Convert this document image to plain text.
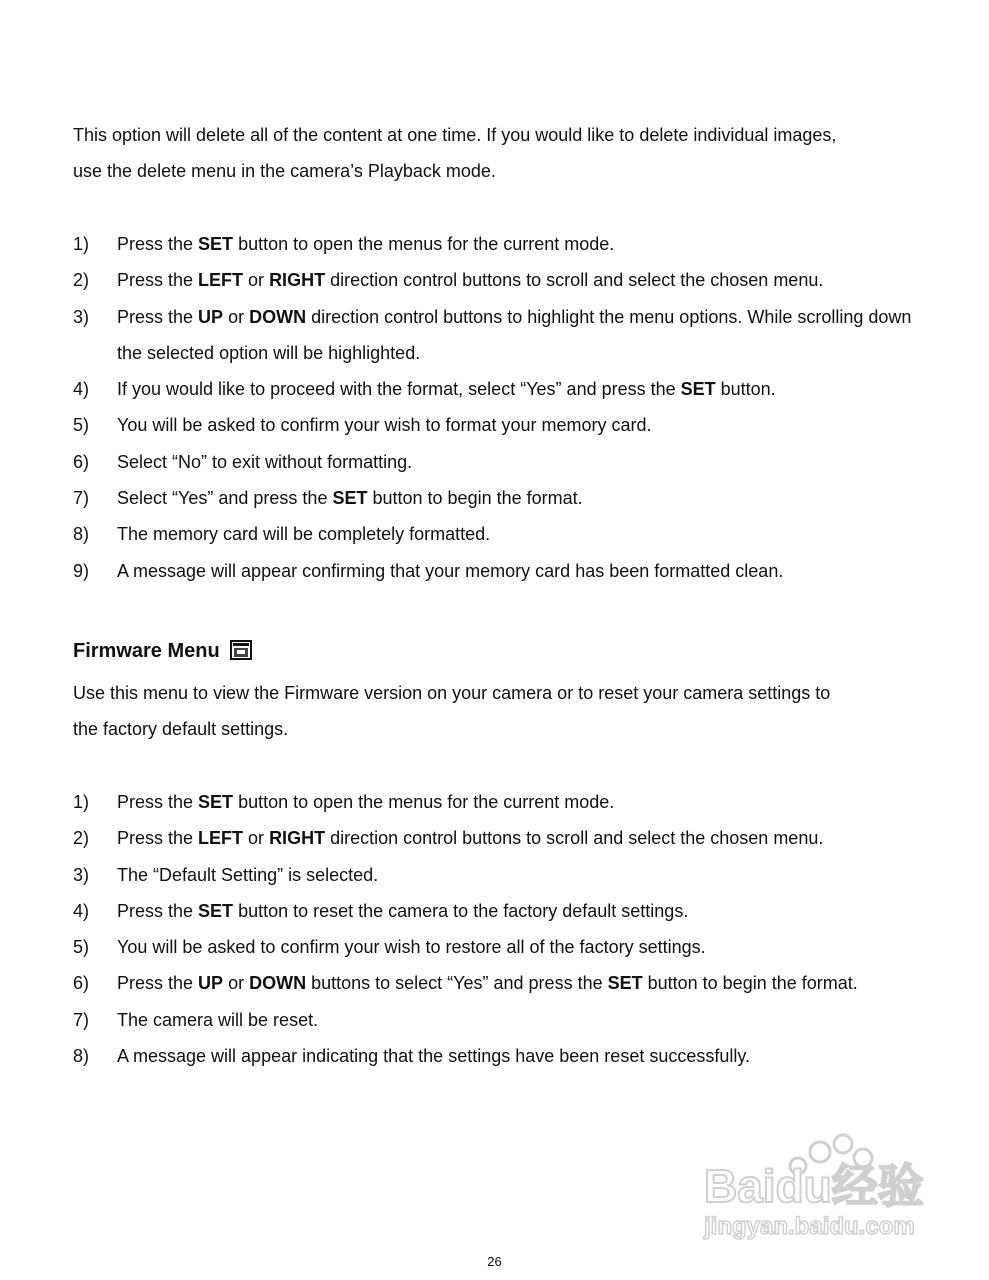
This option will delete all of the content at one time. If you would like to delete individual images,
use the delete menu in the camera’s Playback mode.

1) Press the SET button to open the menus for the current mode.
2) Press the LEFT or RIGHT direction control buttons to scroll and select the chosen menu.
3) Press the UP or DOWN direction control buttons to highlight the menu options. While scrolling down the selected option will be highlighted.
4) If you would like to proceed with the format, select “Yes” and press the SET button.
5) You will be asked to confirm your wish to format your memory card.
6) Select “No” to exit without formatting.
7) Select “Yes” and press the SET button to begin the format.
8) The memory card will be completely formatted.
9) A message will appear confirming that your memory card has been formatted clean.
Firmware Menu

Use this menu to view the Firmware version on your camera or to reset your camera settings to
the factory default settings.

1) Press the SET button to open the menus for the current mode.
2) Press the LEFT or RIGHT direction control buttons to scroll and select the chosen menu.
3) The “Default Setting” is selected.
4) Press the SET button to reset the camera to the factory default settings.
5) You will be asked to confirm your wish to restore all of the factory settings.
6) Press the UP or DOWN buttons to select “Yes” and press the SET button to begin the format.
7) The camera will be reset.
8) A message will appear indicating that the settings have been reset successfully.
Baidu经验
jingyan.baidu.com
26
